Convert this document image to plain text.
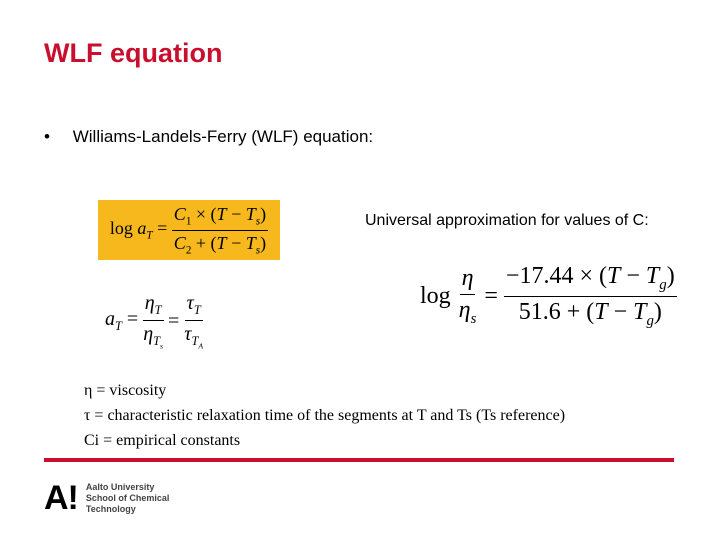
WLF equation
• Williams-Landels-Ferry (WLF) equation:
$\log a_T = \frac{C_1 \times (T - T_s)}{C_2 + (T - T_s)}$
$a_T = \frac{\eta_T}{\eta_{T_s}} = \frac{\tau_T}{\tau_{T_A}}$
Universal approximation for values of C:
$\log \frac{\eta}{\eta_s} = \frac{-17.44 \times (T - T_g)}{51.6 + (T - T_g)}$
η = viscosity
τ = characteristic relaxation time of the segments at T and Ts (Ts reference)
Ci = empirical constants
A! Aalto University
School of Chemical
Technology
